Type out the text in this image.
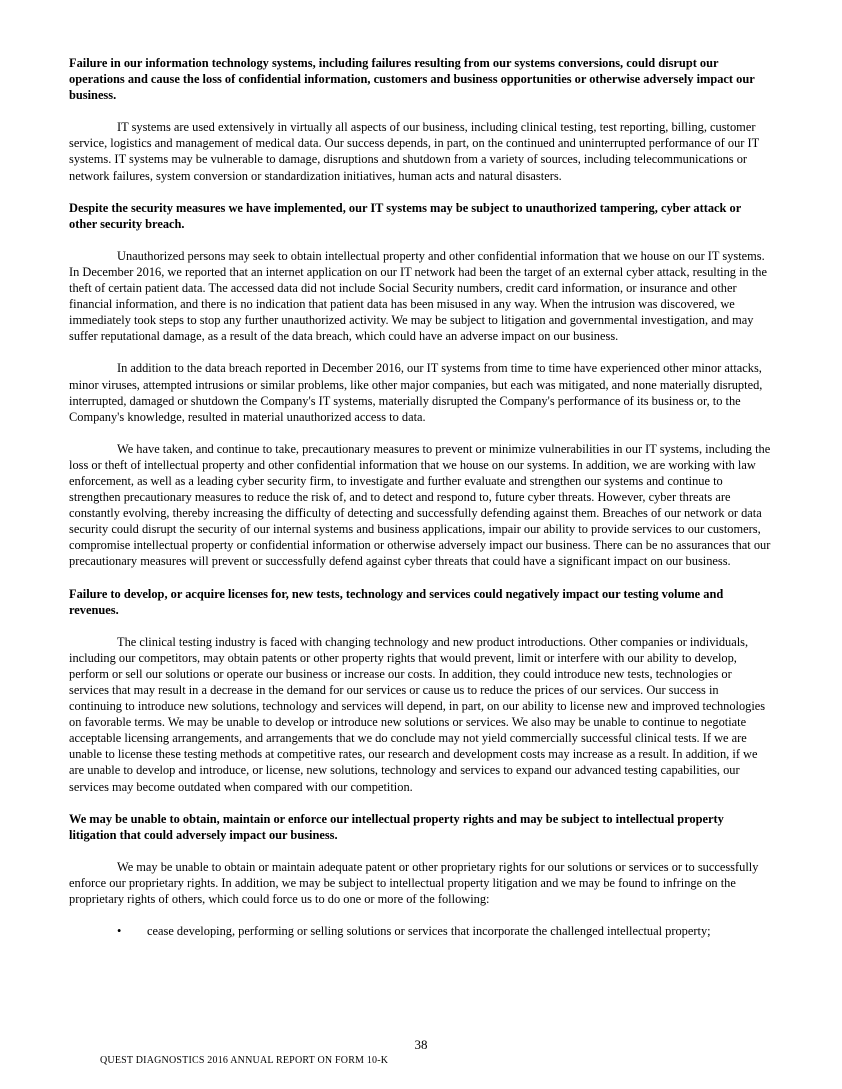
Failure in our information technology systems, including failures resulting from our systems conversions, could disrupt our operations and cause the loss of confidential information, customers and business opportunities or otherwise adversely impact our business.

IT systems are used extensively in virtually all aspects of our business, including clinical testing, test reporting, billing, customer service, logistics and management of medical data. Our success depends, in part, on the continued and uninterrupted performance of our IT systems. IT systems may be vulnerable to damage, disruptions and shutdown from a variety of sources, including telecommunications or network failures, system conversion or standardization initiatives, human acts and natural disasters.

Despite the security measures we have implemented, our IT systems may be subject to unauthorized tampering, cyber attack or other security breach.

Unauthorized persons may seek to obtain intellectual property and other confidential information that we house on our IT systems. In December 2016, we reported that an internet application on our IT network had been the target of an external cyber attack, resulting in the theft of certain patient data. The accessed data did not include Social Security numbers, credit card information, or insurance and other financial information, and there is no indication that patient data has been misused in any way. When the intrusion was discovered, we immediately took steps to stop any further unauthorized activity. We may be subject to litigation and governmental investigation, and may suffer reputational damage, as a result of the data breach, which could have an adverse impact on our business.

In addition to the data breach reported in December 2016, our IT systems from time to time have experienced other minor attacks, minor viruses, attempted intrusions or similar problems, like other major companies, but each was mitigated, and none materially disrupted, interrupted, damaged or shutdown the Company's IT systems, materially disrupted the Company's performance of its business or, to the Company's knowledge, resulted in material unauthorized access to data.

We have taken, and continue to take, precautionary measures to prevent or minimize vulnerabilities in our IT systems, including the loss or theft of intellectual property and other confidential information that we house on our systems. In addition, we are working with law enforcement, as well as a leading cyber security firm, to investigate and further evaluate and strengthen our systems and continue to strengthen precautionary measures to reduce the risk of, and to detect and respond to, future cyber threats. However, cyber threats are constantly evolving, thereby increasing the difficulty of detecting and successfully defending against them. Breaches of our network or data security could disrupt the security of our internal systems and business applications, impair our ability to provide services to our customers, compromise intellectual property or confidential information or otherwise adversely impact our business. There can be no assurances that our precautionary measures will prevent or successfully defend against cyber threats that could have a significant impact on our business.

Failure to develop, or acquire licenses for, new tests, technology and services could negatively impact our testing volume and revenues.

The clinical testing industry is faced with changing technology and new product introductions. Other companies or individuals, including our competitors, may obtain patents or other property rights that would prevent, limit or interfere with our ability to develop, perform or sell our solutions or operate our business or increase our costs. In addition, they could introduce new tests, technologies or services that may result in a decrease in the demand for our services or cause us to reduce the prices of our services. Our success in continuing to introduce new solutions, technology and services will depend, in part, on our ability to license new and improved technologies on favorable terms. We may be unable to develop or introduce new solutions or services. We also may be unable to continue to negotiate acceptable licensing arrangements, and arrangements that we do conclude may not yield commercially successful clinical tests. If we are unable to license these testing methods at competitive rates, our research and development costs may increase as a result. In addition, if we are unable to develop and introduce, or license, new solutions, technology and services to expand our advanced testing capabilities, our services may become outdated when compared with our competition.

We may be unable to obtain, maintain or enforce our intellectual property rights and may be subject to intellectual property litigation that could adversely impact our business.

We may be unable to obtain or maintain adequate patent or other proprietary rights for our solutions or services or to successfully enforce our proprietary rights. In addition, we may be subject to intellectual property litigation and we may be found to infringe on the proprietary rights of others, which could force us to do one or more of the following:

•	cease developing, performing or selling solutions or services that incorporate the challenged intellectual property;
38
QUEST DIAGNOSTICS 2016 ANNUAL REPORT ON FORM 10-K
